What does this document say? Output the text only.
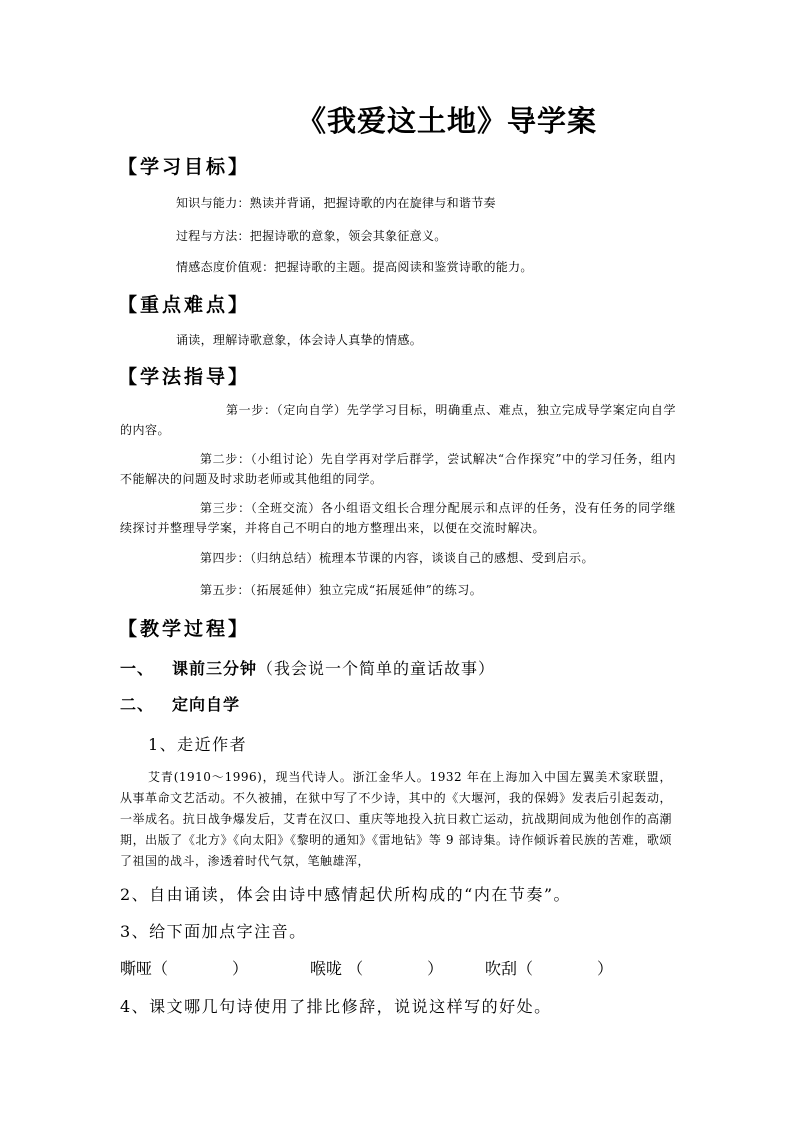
《我爱这土地》导学案
【学习目标】

知识与能力：熟读并背诵，把握诗歌的内在旋律与和谐节奏

过程与方法：把握诗歌的意象，领会其象征意义。

情感态度价值观：把握诗歌的主题。提高阅读和鉴赏诗歌的能力。

【重点难点】

诵读，理解诗歌意象，体会诗人真挚的情感。

【学法指导】

第一步：（定向自学）先学学习目标，明确重点、难点，独立完成导学案定向自学的内容。

第二步：（小组讨论）先自学再对学后群学，尝试解决“合作探究”中的学习任务，组内不能解决的问题及时求助老师或其他组的同学。

第三步：（全班交流）各小组语文组长合理分配展示和点评的任务，没有任务的同学继续探讨并整理导学案，并将自己不明白的地方整理出来，以便在交流时解决。

第四步：（归纳总结）梳理本节课的内容，谈谈自己的感想、受到启示。

第五步：（拓展延伸）独立完成“拓展延伸”的练习。

【教学过程】

一、 课前三分钟（我会说一个简单的童话故事）

二、 定向自学

1、走近作者

艾青(1910～1996)，现当代诗人。浙江金华人。1932 年在上海加入中国左翼美术家联盟，从事革命文艺活动。不久被捕，在狱中写了不少诗，其中的《大堰河，我的保姆》发表后引起轰动，一举成名。抗日战争爆发后，艾青在汉口、重庆等地投入抗日救亡运动，抗战期间成为他创作的高潮期，出版了《北方》《向太阳》《黎明的通知》《雷地钻》等 9 部诗集。诗作倾诉着民族的苦难，歌颂了祖国的战斗，渗透着时代气氛，笔触雄浑，

2、自由诵读，体会由诗中感情起伏所构成的“内在节奏”。

3、给下面加点字注音。

嘶哑（　　　　）	喉咙 （　　　　）	吹刮（　　　　）

4、课文哪几句诗使用了排比修辞，说说这样写的好处。
